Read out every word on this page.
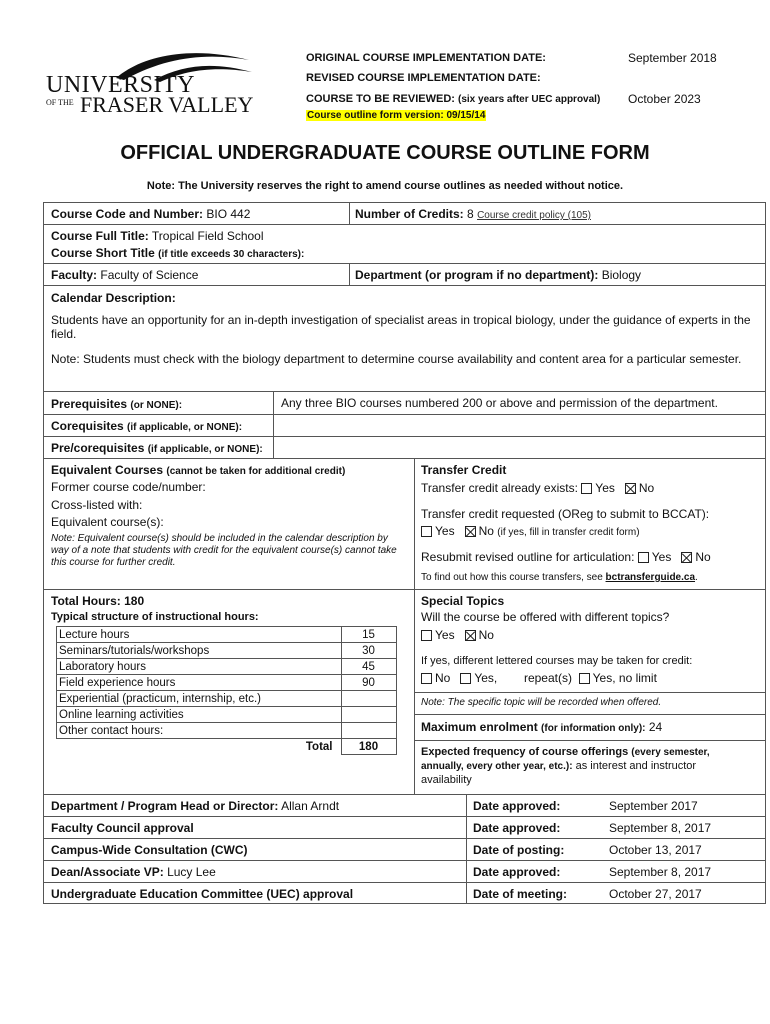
UNIVERSITY
OF THE FRASER VALLEY
ORIGINAL COURSE IMPLEMENTATION DATE:	September 2018
REVISED COURSE IMPLEMENTATION DATE:
COURSE TO BE REVIEWED: (six years after UEC approval) October 2023
Course outline form version: 09/15/14
OFFICIAL UNDERGRADUATE COURSE OUTLINE FORM
Note: The University reserves the right to amend course outlines as needed without notice.
Course Code and Number: BIO 442	Number of Credits: 8 Course credit policy (105)
Course Full Title: Tropical Field School
Course Short Title (if title exceeds 30 characters):
Faculty: Faculty of Science	Department (or program if no department): Biology
Calendar Description:
Students have an opportunity for an in-depth investigation of specialist areas in tropical biology, under the guidance of experts in the
field.
Note: Students must check with the biology department to determine course availability and content area for a particular semester.
Prerequisites (or NONE):	Any three BIO courses numbered 200 or above and permission of the department.
Corequisites (if applicable, or NONE):
Pre/corequisites (if applicable, or NONE):
Equivalent Courses (cannot be taken for additional credit)
Former course code/number:
Cross-listed with:
Equivalent course(s):
Note: Equivalent course(s) should be included in the calendar description by
way of a note that students with credit for the equivalent course(s) cannot take
this course for further credit.
Transfer Credit
Transfer credit already exists: Yes No
Transfer credit requested (OReg to submit to BCCAT):
Yes No (if yes, fill in transfer credit form)
Resubmit revised outline for articulation: Yes No
To find out how this course transfers, see bctransferguide.ca.
Total Hours: 180
Typical structure of instructional hours:
Lecture hours	15
Seminars/tutorials/workshops	30
Laboratory hours	45
Field experience hours	90
Experiential (practicum, internship, etc.)	
Online learning activities	
Other contact hours:	
Total	180
Special Topics
Will the course be offered with different topics?
Yes No
If yes, different lettered courses may be taken for credit:
No Yes, repeat(s) Yes, no limit
Note: The specific topic will be recorded when offered.
Maximum enrolment (for information only): 24
Expected frequency of course offerings (every semester,
annually, every other year, etc.): as interest and instructor
availability
Department / Program Head or Director: Allan Arndt	Date approved:	September 2017
Faculty Council approval	Date approved:	September 8, 2017
Campus-Wide Consultation (CWC)	Date of posting:	October 13, 2017
Dean/Associate VP: Lucy Lee	Date approved:	September 8, 2017
Undergraduate Education Committee (UEC) approval	Date of meeting:	October 27, 2017
